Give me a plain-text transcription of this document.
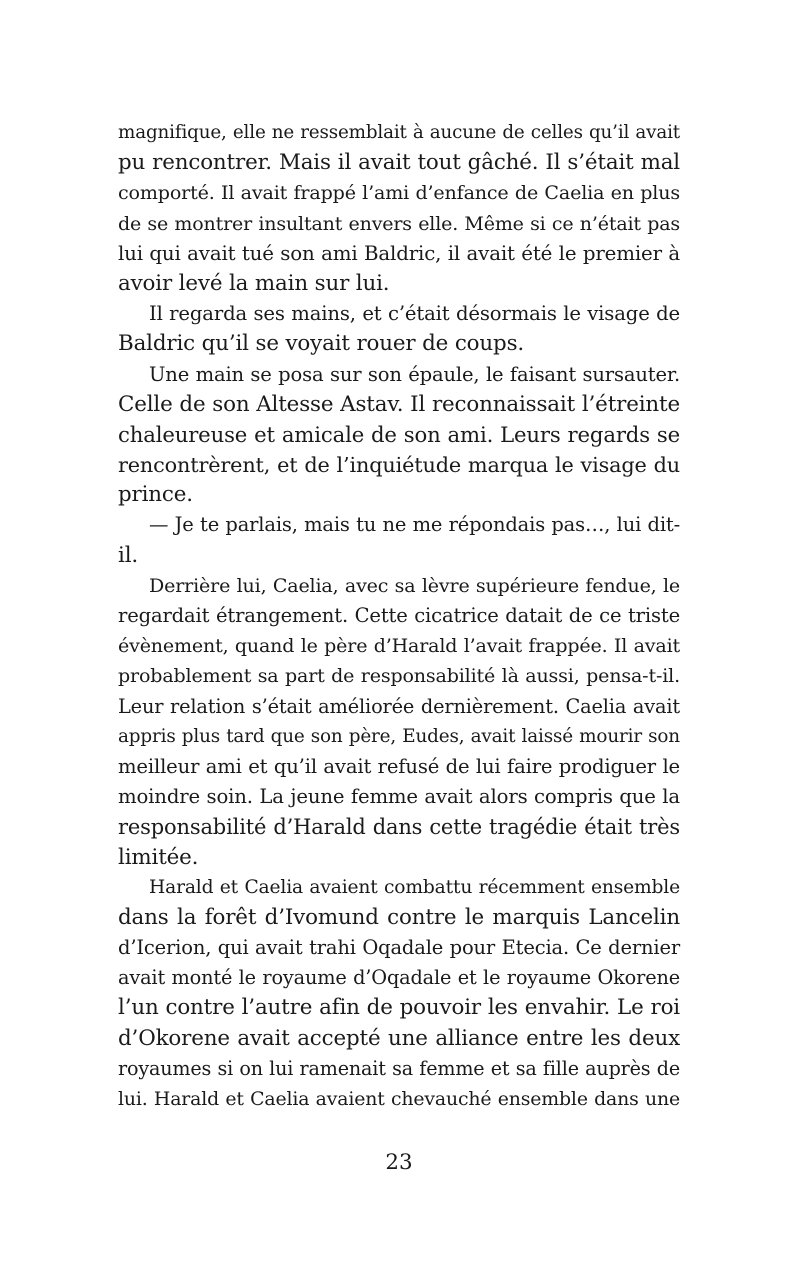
magnifique, elle ne ressemblait à aucune de celles qu’il avait
pu rencontrer. Mais il avait tout gâché. Il s’était mal
comporté. Il avait frappé l’ami d’enfance de Caelia en plus
de se montrer insultant envers elle. Même si ce n’était pas
lui qui avait tué son ami Baldric, il avait été le premier à
avoir levé la main sur lui.
Il regarda ses mains, et c’était désormais le visage de
Baldric qu’il se voyait rouer de coups.
Une main se posa sur son épaule, le faisant sursauter.
Celle de son Altesse Astav. Il reconnaissait l’étreinte
chaleureuse et amicale de son ami. Leurs regards se
rencontrèrent, et de l’inquiétude marqua le visage du
prince.
— Je te parlais, mais tu ne me répondais pas…, lui dit-
il.
Derrière lui, Caelia, avec sa lèvre supérieure fendue, le
regardait étrangement. Cette cicatrice datait de ce triste
évènement, quand le père d’Harald l’avait frappée. Il avait
probablement sa part de responsabilité là aussi, pensa-t-il.
Leur relation s’était améliorée dernièrement. Caelia avait
appris plus tard que son père, Eudes, avait laissé mourir son
meilleur ami et qu’il avait refusé de lui faire prodiguer le
moindre soin. La jeune femme avait alors compris que la
responsabilité d’Harald dans cette tragédie était très
limitée.
Harald et Caelia avaient combattu récemment ensemble
dans la forêt d’Ivomund contre le marquis Lancelin
d’Icerion, qui avait trahi Oqadale pour Etecia. Ce dernier
avait monté le royaume d’Oqadale et le royaume Okorene
l’un contre l’autre afin de pouvoir les envahir. Le roi
d’Okorene avait accepté une alliance entre les deux
royaumes si on lui ramenait sa femme et sa fille auprès de
lui. Harald et Caelia avaient chevauché ensemble dans une
23
